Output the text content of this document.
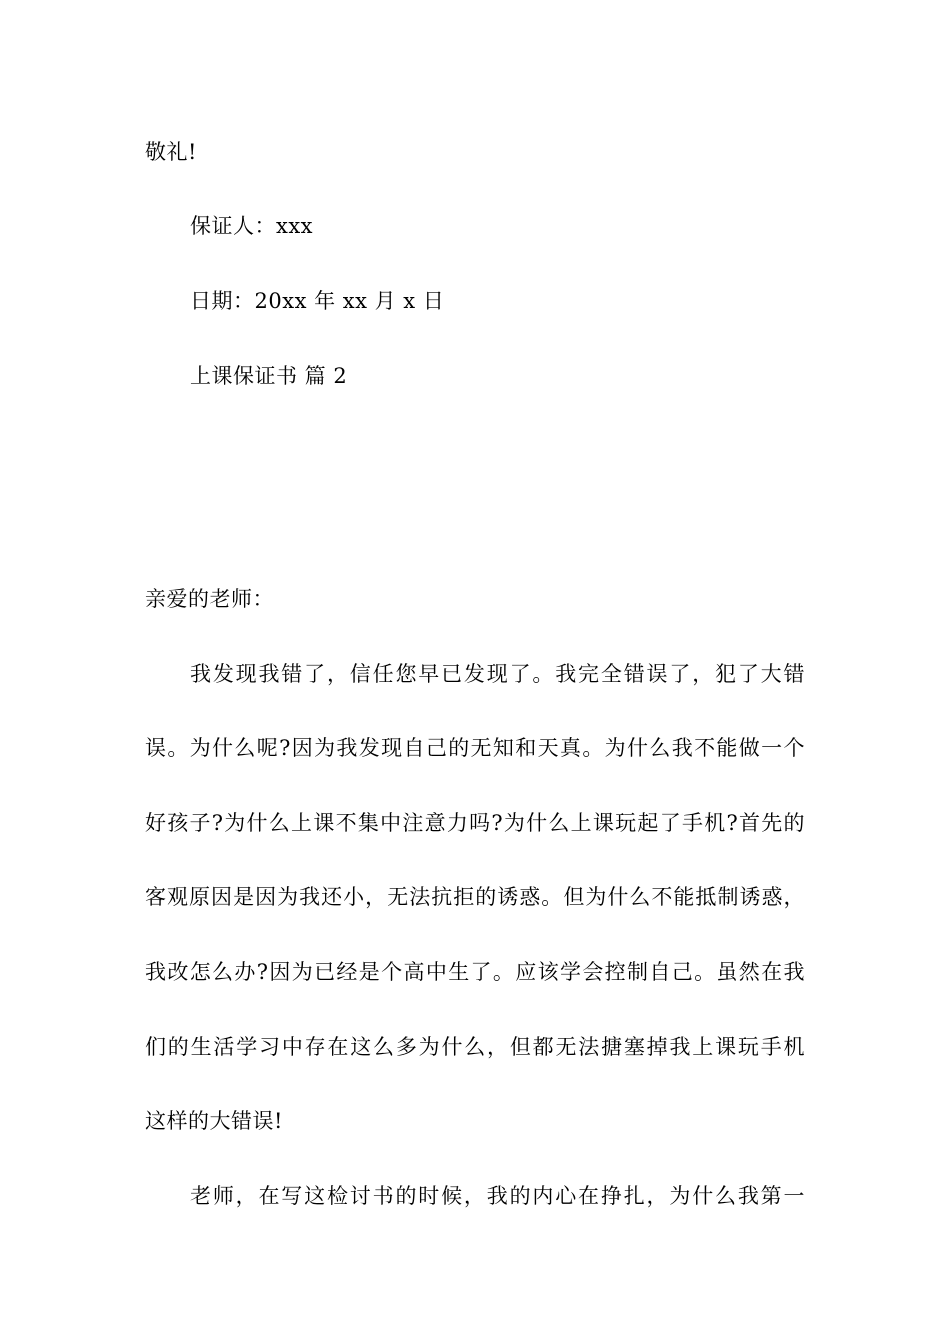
敬礼!
保证人：xxx
日期：20xx 年 xx 月 x 日
上课保证书 篇 2
亲爱的老师：
我发现我错了，信任您早已发现了。我完全错误了，犯了大错
误。为什么呢?因为我发现自己的无知和天真。为什么我不能做一个
好孩子?为什么上课不集中注意力吗?为什么上课玩起了手机?首先的
客观原因是因为我还小，无法抗拒的诱惑。但为什么不能抵制诱惑，
我改怎么办?因为已经是个高中生了。应该学会控制自己。虽然在我
们的生活学习中存在这么多为什么，但都无法搪塞掉我上课玩手机
这样的大错误!
老师，在写这检讨书的时候，我的内心在挣扎，为什么我第一
